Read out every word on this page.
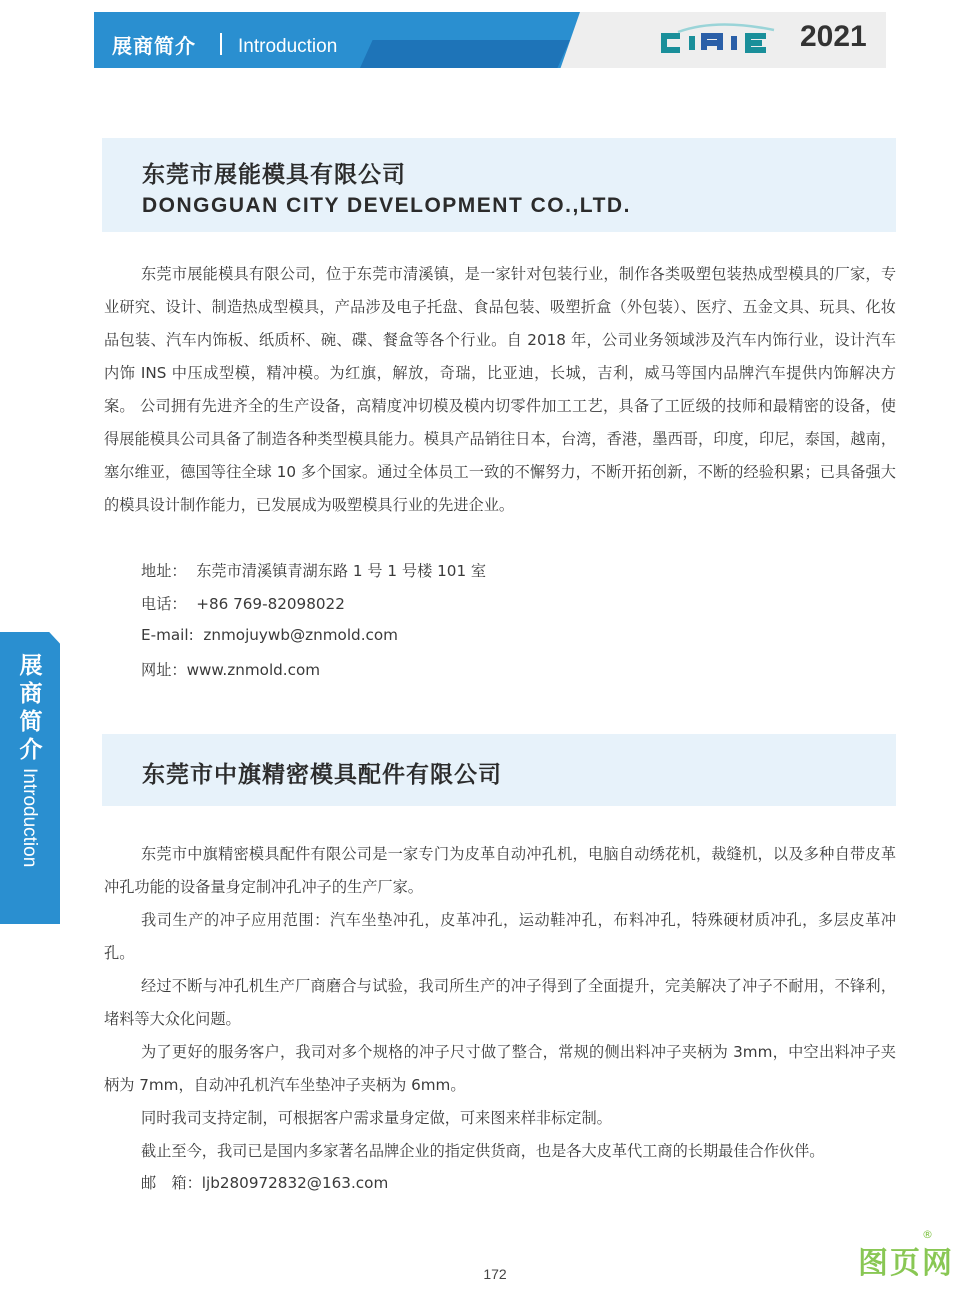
展商简介 Introduction	2021
展商简介
Introduction
东莞市展能模具有限公司
DONGGUAN CITY DEVELOPMENT CO.,LTD.

东莞市展能模具有限公司，位于东莞市清溪镇，是一家针对包装行业，制作各类吸塑包装热成型模具的厂家，专业研究、设计、制造热成型模具，产品涉及电子托盘、食品包装、吸塑折盒（外包装）、医疗、五金文具、玩具、化妆品包装、汽车内饰板、纸质杯、碗、碟、餐盒等各个行业。自 2018 年，公司业务领域涉及汽车内饰行业，设计汽车内饰 INS 中压成型模，精冲模。为红旗，解放，奇瑞，比亚迪，长城，吉利，威马等国内品牌汽车提供内饰解决方案。 公司拥有先进齐全的生产设备，高精度冲切模及模内切零件加工工艺，具备了工匠级的技师和最精密的设备，使得展能模具公司具备了制造各种类型模具能力。模具产品销往日本，台湾，香港，墨西哥，印度，印尼，泰国，越南，塞尔维亚，德国等往全球 10 多个国家。通过全体员工一致的不懈努力，不断开拓创新，不断的经验积累；已具备强大的模具设计制作能力，已发展成为吸塑模具行业的先进企业。

地址： 东莞市清溪镇青湖东路 1 号 1 号楼 101 室
电话： +86 769-82098022
E-mail: znmojuywb@znmold.com
网址：www.znmold.com
东莞市中旗精密模具配件有限公司

东莞市中旗精密模具配件有限公司是一家专门为皮革自动冲孔机，电脑自动绣花机，裁缝机，以及多种自带皮革冲孔功能的设备量身定制冲孔冲子的生产厂家。

我司生产的冲子应用范围：汽车坐垫冲孔，皮革冲孔，运动鞋冲孔，布料冲孔，特殊硬材质冲孔，多层皮革冲孔。

经过不断与冲孔机生产厂商磨合与试验，我司所生产的冲子得到了全面提升，完美解决了冲子不耐用，不锋利，堵料等大众化问题。

为了更好的服务客户，我司对多个规格的冲子尺寸做了整合，常规的侧出料冲子夹柄为 3mm，中空出料冲子夹柄为 7mm，自动冲孔机汽车坐垫冲子夹柄为 6mm。

同时我司支持定制，可根据客户需求量身定做，可来图来样非标定制。

截止至今，我司已是国内多家著名品牌企业的指定供货商，也是各大皮革代工商的长期最佳合作伙伴。

邮　箱：ljb280972832@163.com
172	图页网
®
